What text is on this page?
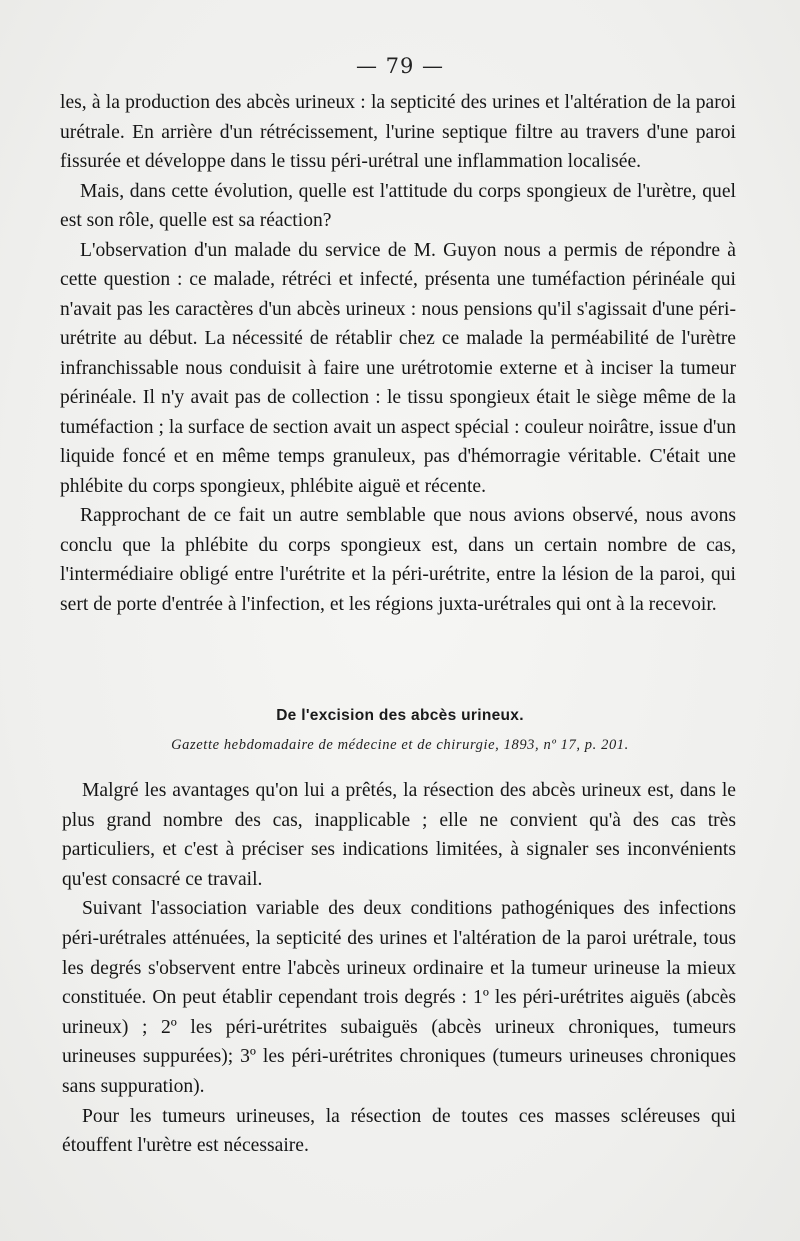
— 79 —

les, à la production des abcès urineux : la septicité des urines et l'altération de la paroi urétrale. En arrière d'un rétrécissement, l'urine septique filtre au travers d'une paroi fissurée et développe dans le tissu péri-urétral une inflammation localisée.

Mais, dans cette évolution, quelle est l'attitude du corps spongieux de l'urètre, quel est son rôle, quelle est sa réaction?

L'observation d'un malade du service de M. Guyon nous a permis de répondre à cette question : ce malade, rétréci et infecté, présenta une tuméfaction périnéale qui n'avait pas les caractères d'un abcès urineux : nous pensions qu'il s'agissait d'une péri-urétrite au début. La nécessité de rétablir chez ce malade la perméabilité de l'urètre infranchissable nous conduisit à faire une urétrotomie externe et à inciser la tumeur périnéale. Il n'y avait pas de collection : le tissu spongieux était le siège même de la tuméfaction ; la surface de section avait un aspect spécial : couleur noirâtre, issue d'un liquide foncé et en même temps granuleux, pas d'hémorragie véritable. C'était une phlébite du corps spongieux, phlébite aiguë et récente.

Rapprochant de ce fait un autre semblable que nous avions observé, nous avons conclu que la phlébite du corps spongieux est, dans un certain nombre de cas, l'intermédiaire obligé entre l'urétrite et la péri-urétrite, entre la lésion de la paroi, qui sert de porte d'entrée à l'infection, et les régions juxta-urétrales qui ont à la recevoir.

De l'excision des abcès urineux.
Gazette hebdomadaire de médecine et de chirurgie, 1893, nº 17, p. 201.

Malgré les avantages qu'on lui a prêtés, la résection des abcès urineux est, dans le plus grand nombre des cas, inapplicable ; elle ne convient qu'à des cas très particuliers, et c'est à préciser ses indications limitées, à signaler ses inconvénients qu'est consacré ce travail.

Suivant l'association variable des deux conditions pathogéniques des infections péri-urétrales atténuées, la septicité des urines et l'altération de la paroi urétrale, tous les degrés s'observent entre l'abcès urineux ordinaire et la tumeur urineuse la mieux constituée. On peut établir cependant trois degrés : 1º les péri-urétrites aiguës (abcès urineux) ; 2º les péri-urétrites subaiguës (abcès urineux chroniques, tumeurs urineuses suppurées); 3º les péri-urétrites chroniques (tumeurs urineuses chroniques sans suppuration).

Pour les tumeurs urineuses, la résection de toutes ces masses scléreuses qui étouffent l'urètre est nécessaire.
